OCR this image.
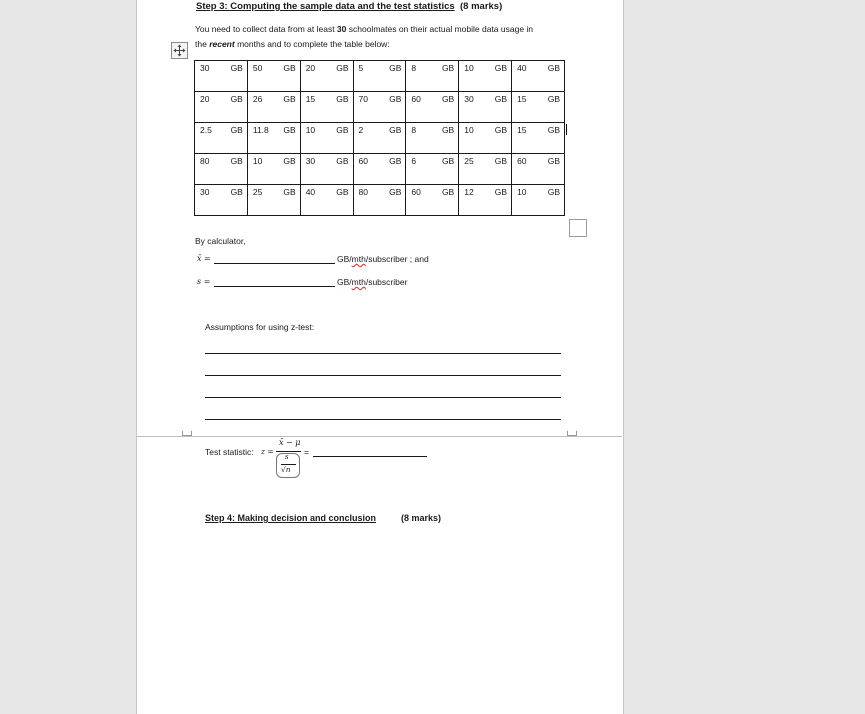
Step 3: Computing the sample data and the test statistics (8 marks)
You need to collect data from at least 30 schoolmates on their actual mobile data usage in
the recent months and to complete the table below:
30 GB	50 GB	20 GB	5 GB	8 GB	10 GB	40 GB

20 GB	26 GB	15 GB	70 GB	60 GB	30 GB	15 GB

2.5 GB	11.8 GB	10 GB	2 GB	8 GB	10 GB	15 GB

80 GB	10 GB	30 GB	60 GB	6 GB	25 GB	60 GB

30 GB	25 GB	40 GB	80 GB	60 GB	12 GB	10 GB
By calculator,
x̄ =	GB/mth/subscriber ; and
s =	GB/mth/subscriber
Assumptions for using z-test:
Test statistic: z =
x̄ − μ
s
√n
=
Step 4: Making decision and conclusion	(8 marks)
